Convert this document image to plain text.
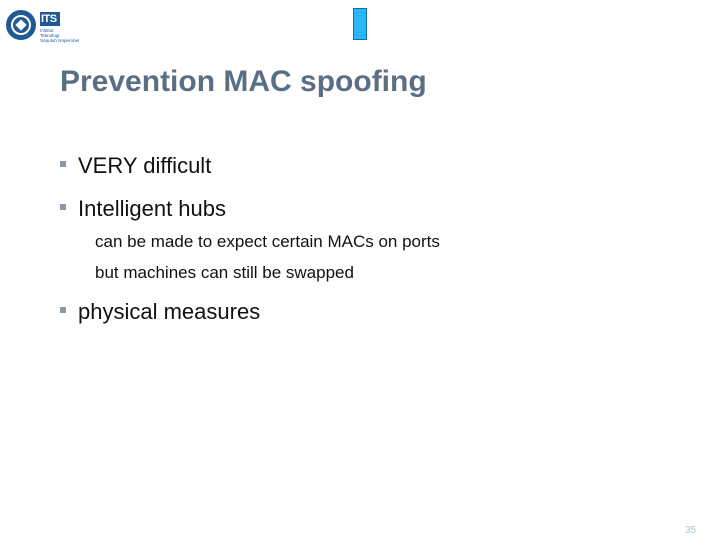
ITS
Institut
Teknologi
Sepuluh Nopember
Prevention MAC spoofing
VERY difficult
Intelligent hubs
can be made to expect certain MACs on ports
but machines can still be swapped
physical measures
35
